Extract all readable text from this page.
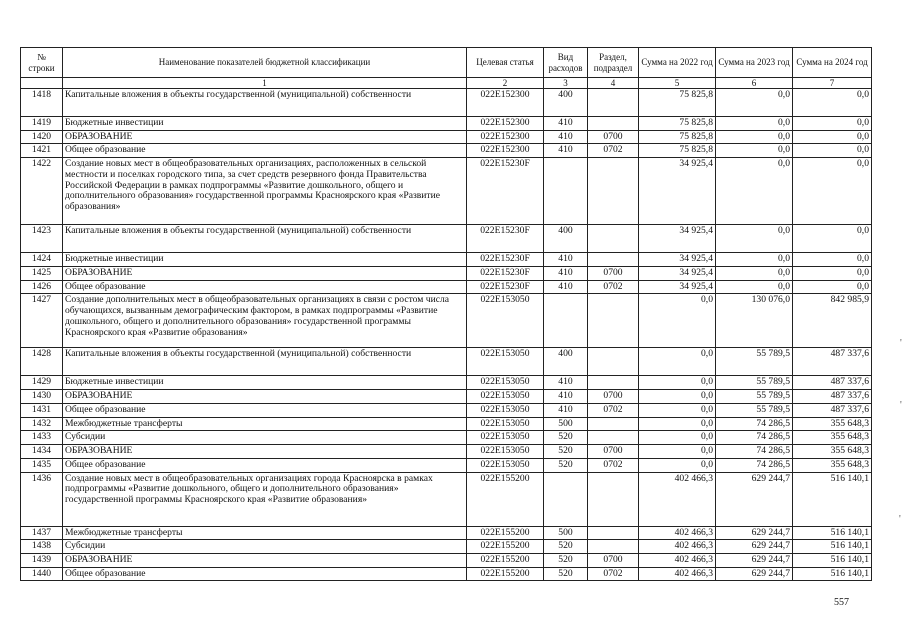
№ строки	Наименование показателей бюджетной классификации	Целевая статья	Вид расходов	Раздел, подраздел	Сумма на 2022 год	Сумма на 2023 год	Сумма на 2024 год
	1	2	3	4	5	6	7
1418	Капитальные вложения в объекты государственной (муниципальной) собственности	022E152300	400		75 825,8	0,0	0,0
1419	Бюджетные инвестиции	022E152300	410		75 825,8	0,0	0,0
1420	ОБРАЗОВАНИЕ	022E152300	410	0700	75 825,8	0,0	0,0
1421	Общее образование	022E152300	410	0702	75 825,8	0,0	0,0
1422	Создание новых мест в общеобразовательных организациях, расположенных в сельской местности и поселках городского типа, за счет средств резервного фонда Правительства Российской Федерации в рамках подпрограммы «Развитие дошкольного, общего и дополнительного образования» государственной программы Красноярского края «Развитие образования»	022E15230F			34 925,4	0,0	0,0
1423	Капитальные вложения в объекты государственной (муниципальной) собственности	022E15230F	400		34 925,4	0,0	0,0
1424	Бюджетные инвестиции	022E15230F	410		34 925,4	0,0	0,0
1425	ОБРАЗОВАНИЕ	022E15230F	410	0700	34 925,4	0,0	0,0
1426	Общее образование	022E15230F	410	0702	34 925,4	0,0	0,0
1427	Создание дополнительных мест в общеобразовательных организациях в связи с ростом числа обучающихся, вызванным демографическим фактором, в рамках подпрограммы «Развитие дошкольного, общего и дополнительного образования» государственной программы Красноярского края «Развитие образования»	022E153050			0,0	130 076,0	842 985,9
1428	Капитальные вложения в объекты государственной (муниципальной) собственности	022E153050	400		0,0	55 789,5	487 337,6
1429	Бюджетные инвестиции	022E153050	410		0,0	55 789,5	487 337,6
1430	ОБРАЗОВАНИЕ	022E153050	410	0700	0,0	55 789,5	487 337,6
1431	Общее образование	022E153050	410	0702	0,0	55 789,5	487 337,6
1432	Межбюджетные трансферты	022E153050	500		0,0	74 286,5	355 648,3
1433	Субсидии	022E153050	520		0,0	74 286,5	355 648,3
1434	ОБРАЗОВАНИЕ	022E153050	520	0700	0,0	74 286,5	355 648,3
1435	Общее образование	022E153050	520	0702	0,0	74 286,5	355 648,3
1436	Создание новых мест в общеобразовательных организациях города Красноярска в рамках подпрограммы «Развитие дошкольного, общего и дополнительного образования» государственной программы Красноярского края «Развитие образования»	022E155200			402 466,3	629 244,7	516 140,1
1437	Межбюджетные трансферты	022E155200	500		402 466,3	629 244,7	516 140,1
1438	Субсидии	022E155200	520		402 466,3	629 244,7	516 140,1
1439	ОБРАЗОВАНИЕ	022E155200	520	0700	402 466,3	629 244,7	516 140,1
1440	Общее образование	022E155200	520	0702	402 466,3	629 244,7	516 140,1
557
'
'
'
